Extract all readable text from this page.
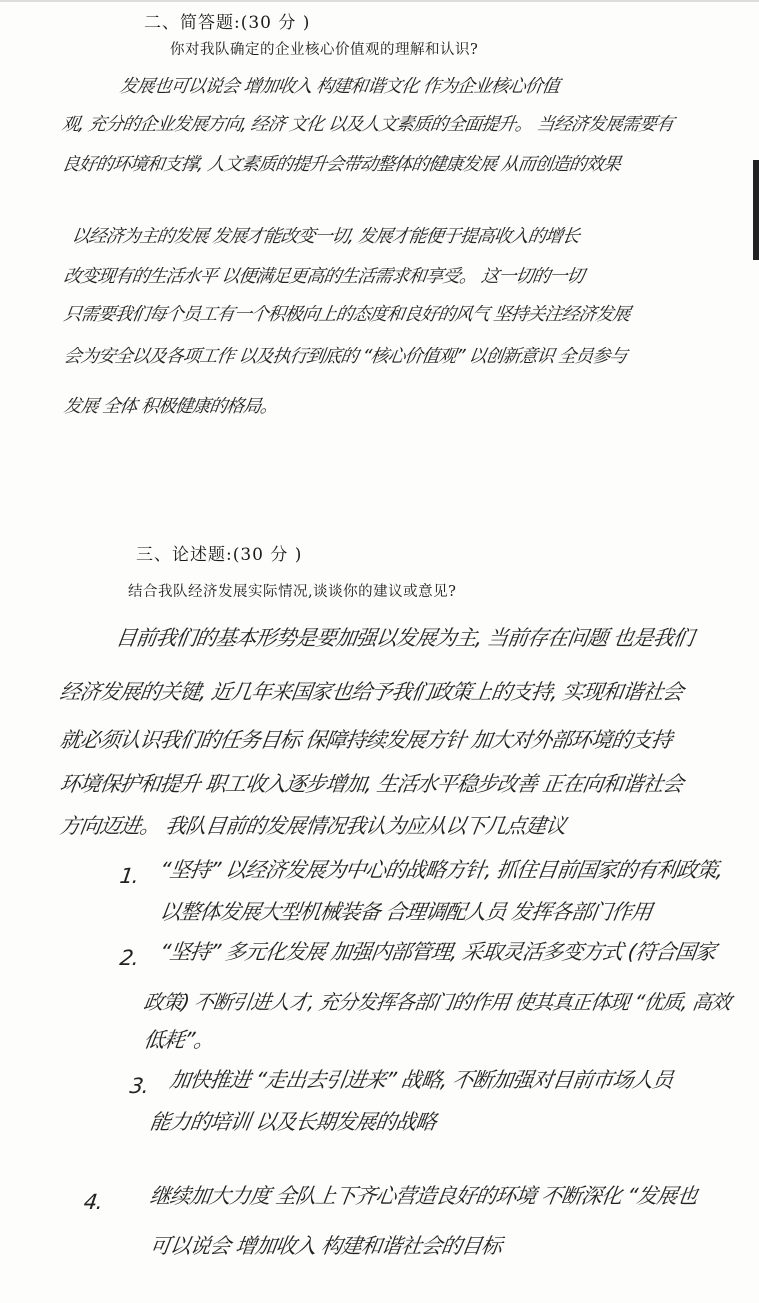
二、简答题:(30 分 )
你对我队确定的企业核心价值观的理解和认识?
发展也可以说会 增加收入 构建和谐文化 作为企业核心价值
观, 充分的企业发展方向, 经济 文化 以及人文素质的全面提升。 当经济发展需要有
良好的环境和支撑, 人文素质的提升会带动整体的健康发展 从而创造的效果
以经济为主的发展 发展才能改变一切, 发展才能便于提高收入的增长
改变现有的生活水平 以便满足更高的生活需求和享受。 这一切的一切
只需要我们每个员工有一个积极向上的态度和良好的风气 坚持关注经济发展
会为安全以及各项工作 以及执行到底的 “核心价值观” 以创新意识 全员参与
发展 全体 积极健康的格局。
三、论述题:(30 分 )
结合我队经济发展实际情况,谈谈你的建议或意见?
目前我们的基本形势是要加强以发展为主, 当前存在问题 也是我们
经济发展的关键, 近几年来国家也给予我们政策上的支持, 实现和谐社会
就必须认识我们的任务目标 保障持续发展方针 加大对外部环境的支持
环境保护和提升 职工收入逐步增加, 生活水平稳步改善 正在向和谐社会
方向迈进。 我队目前的发展情况我认为应从以下几点建议
1. “坚持” 以经济发展为中心的战略方针, 抓住目前国家的有利政策,
以整体发展大型机械装备 合理调配人员 发挥各部门作用
2. “坚持” 多元化发展 加强内部管理, 采取灵活多变方式 (符合国家
政策) 不断引进人才, 充分发挥各部门的作用 使其真正体现 “优质, 高效
低耗”。
3. 加快推进 “走出去引进来” 战略, 不断加强对目前市场人员
能力的培训 以及长期发展的战略
4. 继续加大力度 全队上下齐心营造良好的环境 不断深化 “发展也
可以说会 增加收入 构建和谐社会的目标
